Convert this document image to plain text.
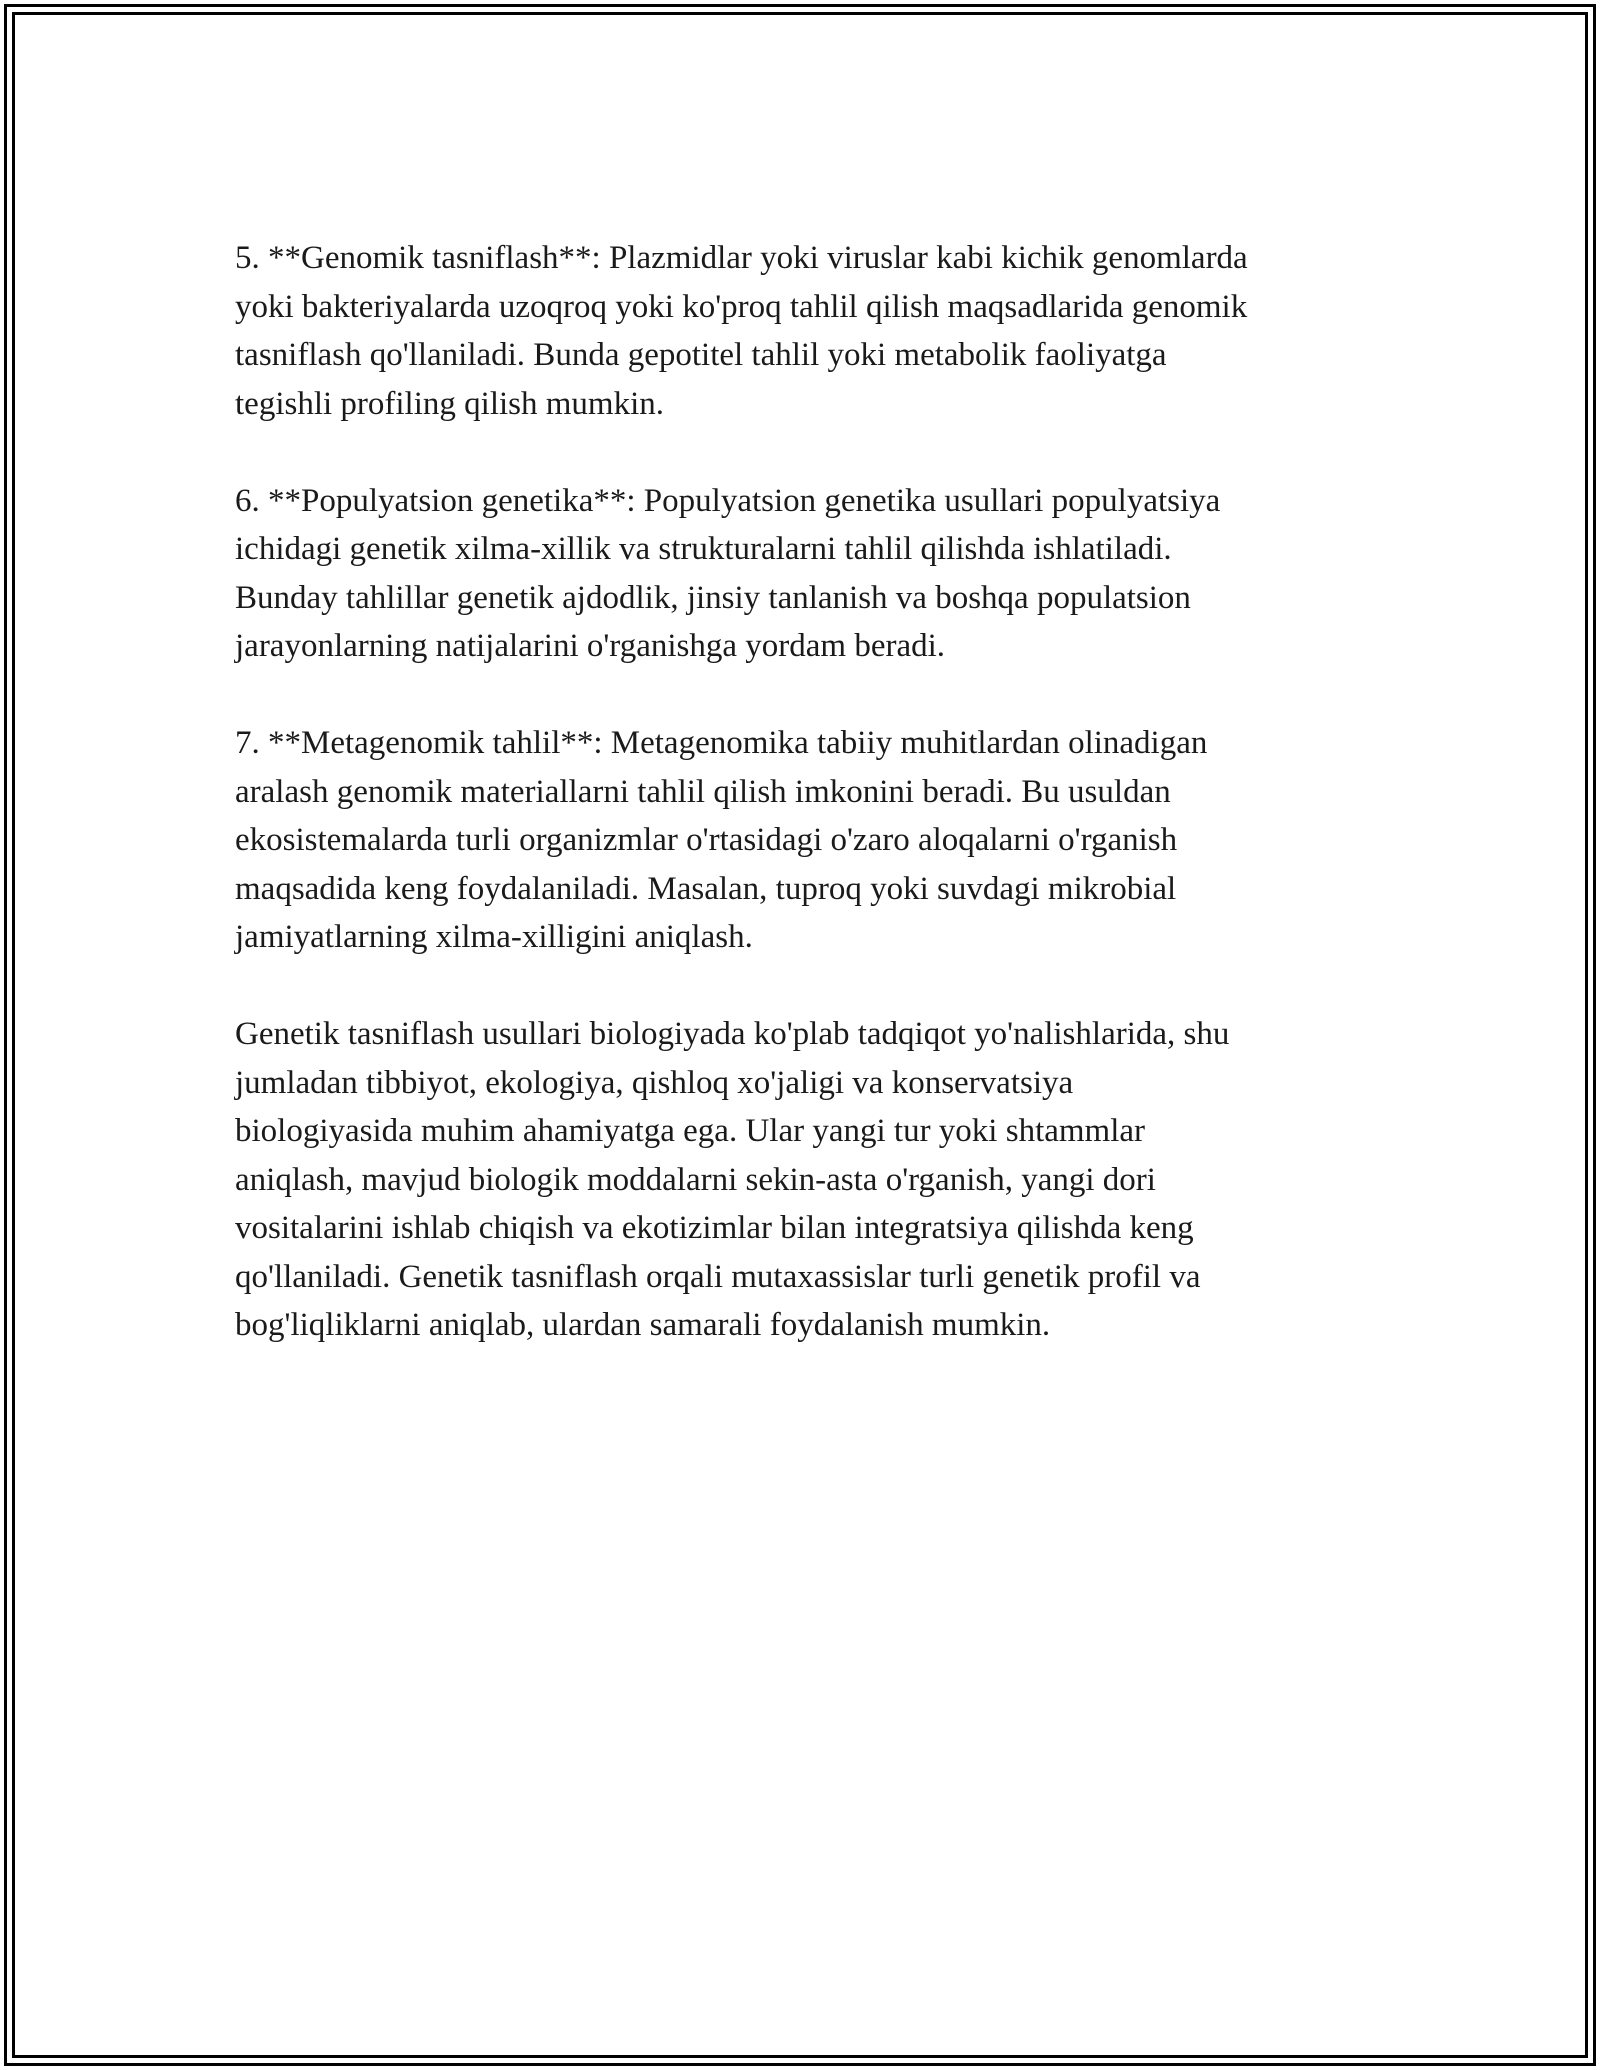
5. **Genomik tasniflash**: Plazmidlar yoki viruslar kabi kichik genomlarda
yoki bakteriyalarda uzoqroq yoki ko'proq tahlil qilish maqsadlarida genomik
tasniflash qo'llaniladi. Bunda gepotitel tahlil yoki metabolik faoliyatga
tegishli profiling qilish mumkin.

6. **Populyatsion genetika**: Populyatsion genetika usullari populyatsiya
ichidagi genetik xilma-xillik va strukturalarni tahlil qilishda ishlatiladi.
Bunday tahlillar genetik ajdodlik, jinsiy tanlanish va boshqa populatsion
jarayonlarning natijalarini o'rganishga yordam beradi.

7. **Metagenomik tahlil**: Metagenomika tabiiy muhitlardan olinadigan
aralash genomik materiallarni tahlil qilish imkonini beradi. Bu usuldan
ekosistemalarda turli organizmlar o'rtasidagi o'zaro aloqalarni o'rganish
maqsadida keng foydalaniladi. Masalan, tuproq yoki suvdagi mikrobial
jamiyatlarning xilma-xilligini aniqlash.

Genetik tasniflash usullari biologiyada ko'plab tadqiqot yo'nalishlarida, shu
jumladan tibbiyot, ekologiya, qishloq xo'jaligi va konservatsiya
biologiyasida muhim ahamiyatga ega. Ular yangi tur yoki shtammlar
aniqlash, mavjud biologik moddalarni sekin-asta o'rganish, yangi dori
vositalarini ishlab chiqish va ekotizimlar bilan integratsiya qilishda keng
qo'llaniladi. Genetik tasniflash orqali mutaxassislar turli genetik profil va
bog'liqliklarni aniqlab, ulardan samarali foydalanish mumkin.
